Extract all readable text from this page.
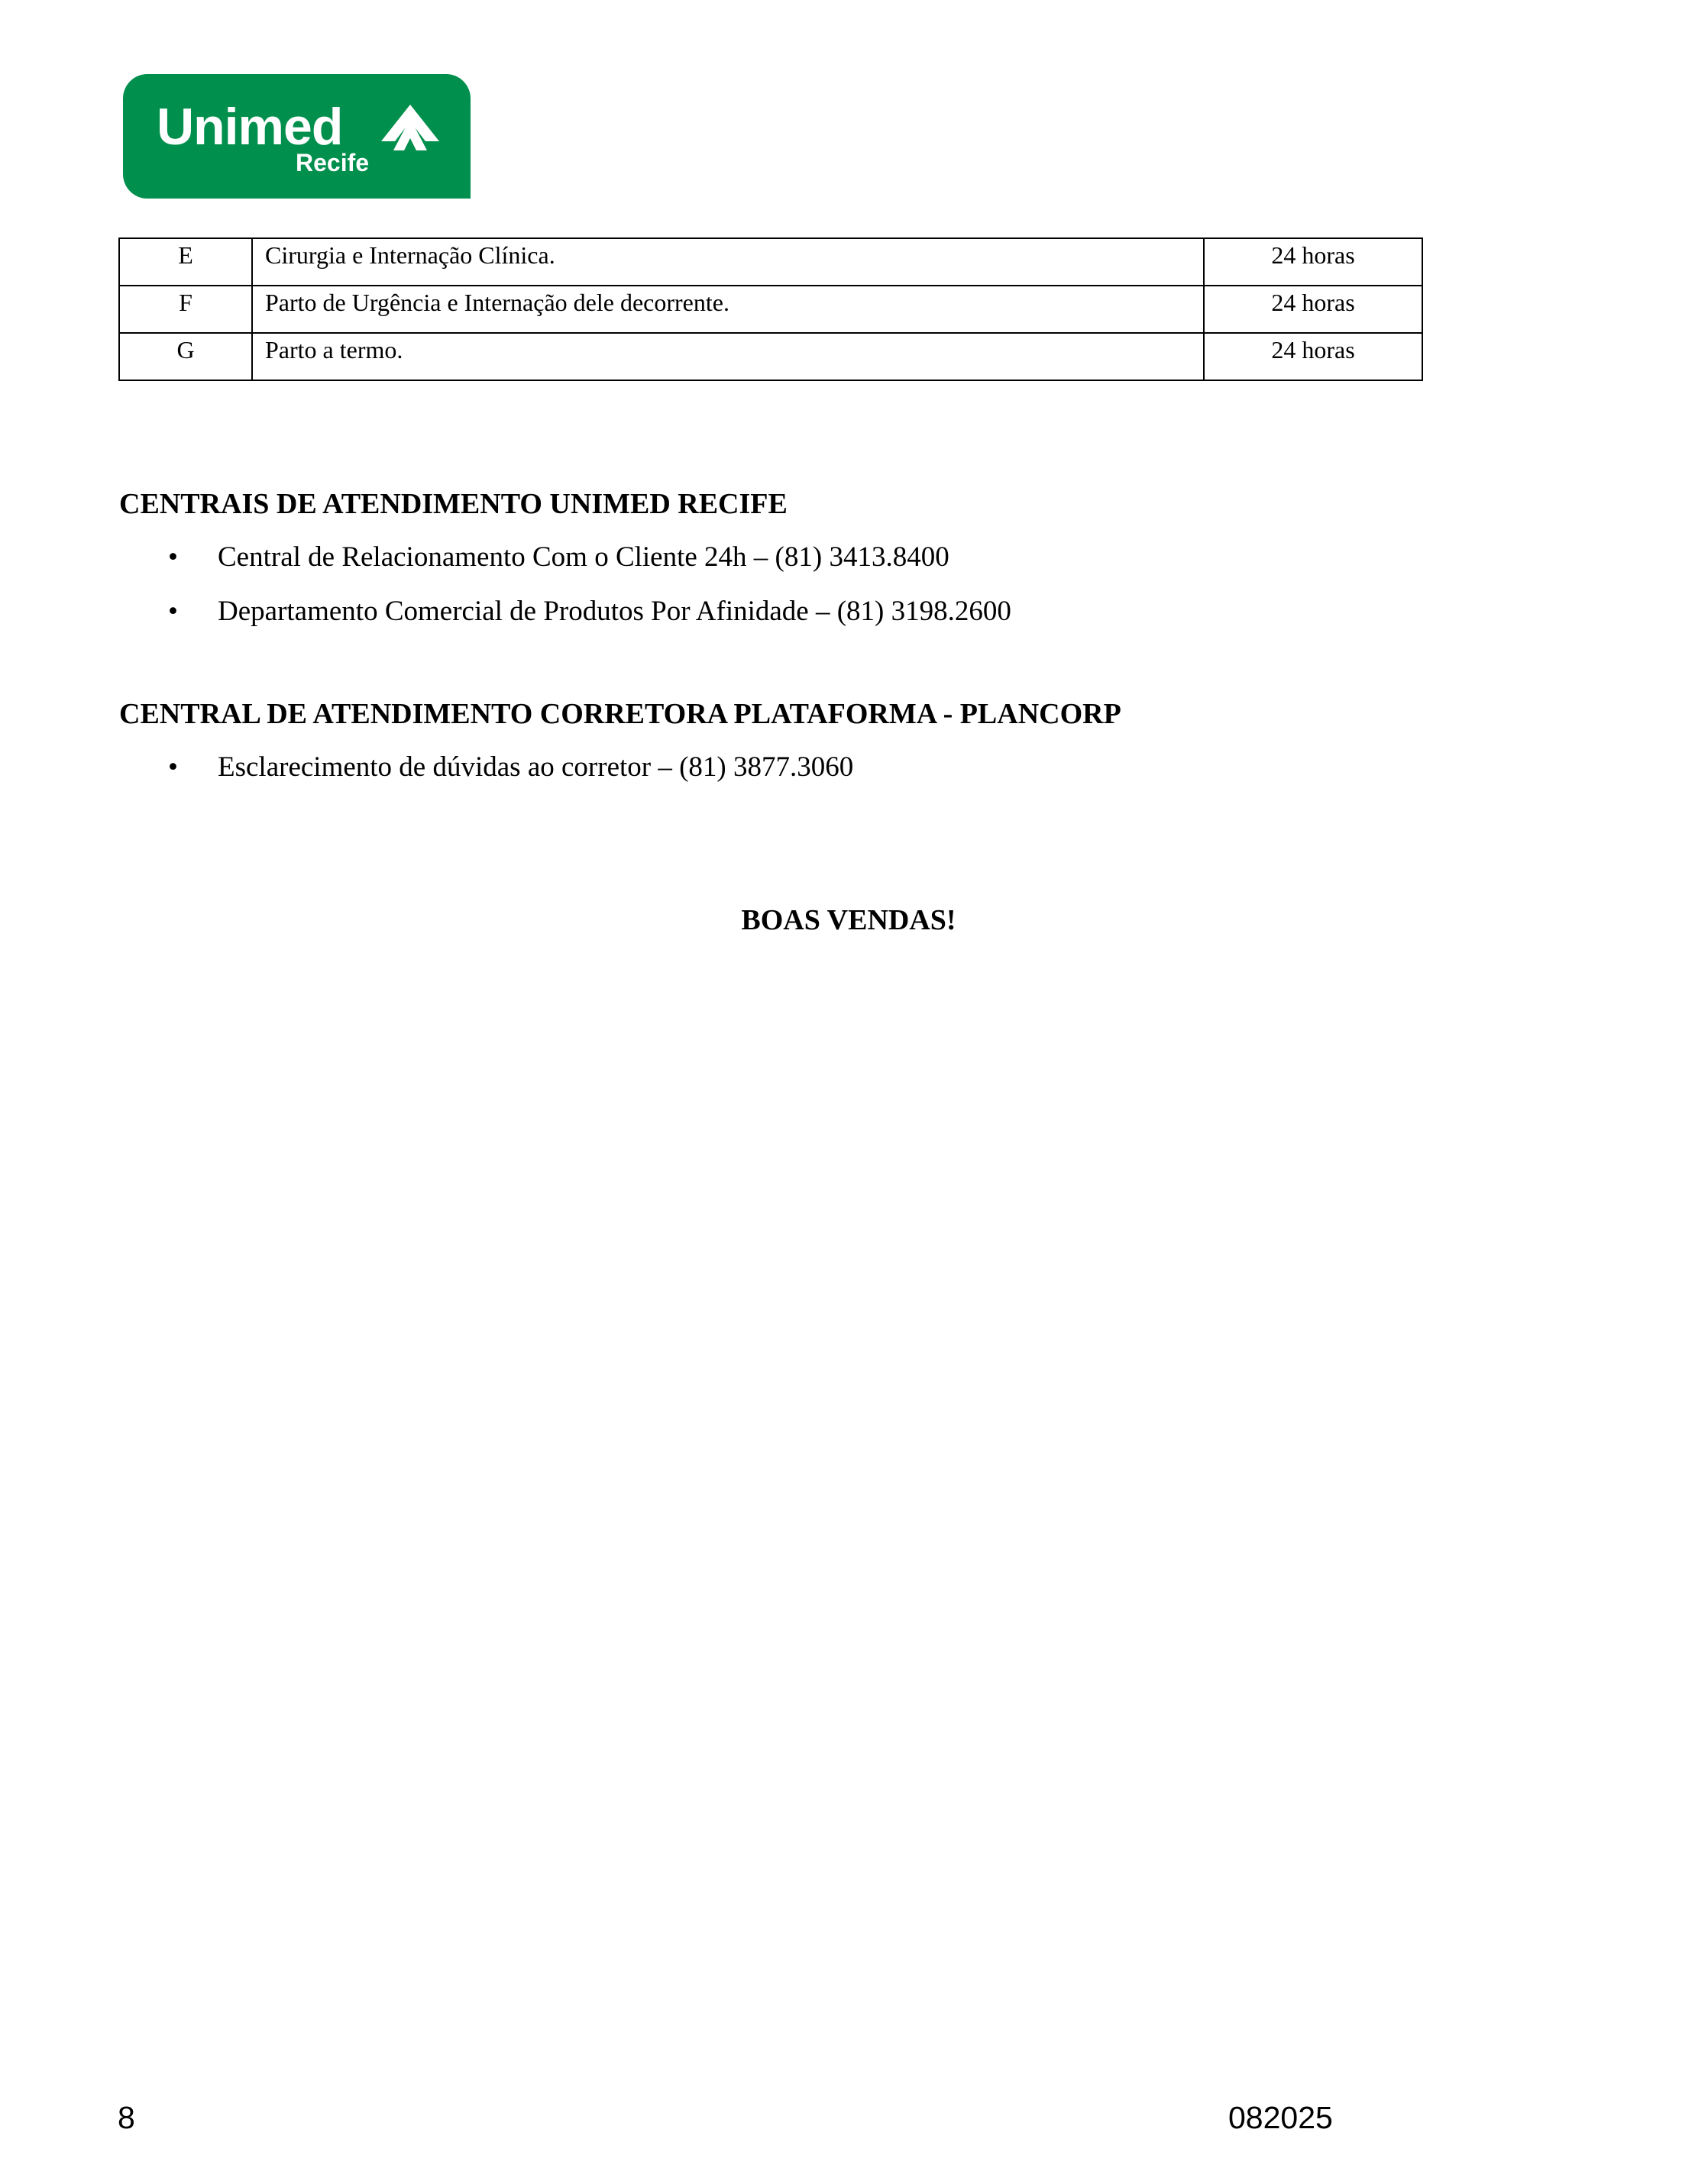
Unimed
Recife
E	Cirurgia e Internação Clínica.	24 horas
F	Parto de Urgência e Internação dele decorrente.	24 horas
G	Parto a termo.	24 horas
CENTRAIS DE ATENDIMENTO UNIMED RECIFE
• Central de Relacionamento Com o Cliente 24h – (81) 3413.8400
• Departamento Comercial de Produtos Por Afinidade – (81) 3198.2600
CENTRAL DE ATENDIMENTO CORRETORA PLATAFORMA - PLANCORP
• Esclarecimento de dúvidas ao corretor – (81) 3877.3060
BOAS VENDAS!
8	082025
